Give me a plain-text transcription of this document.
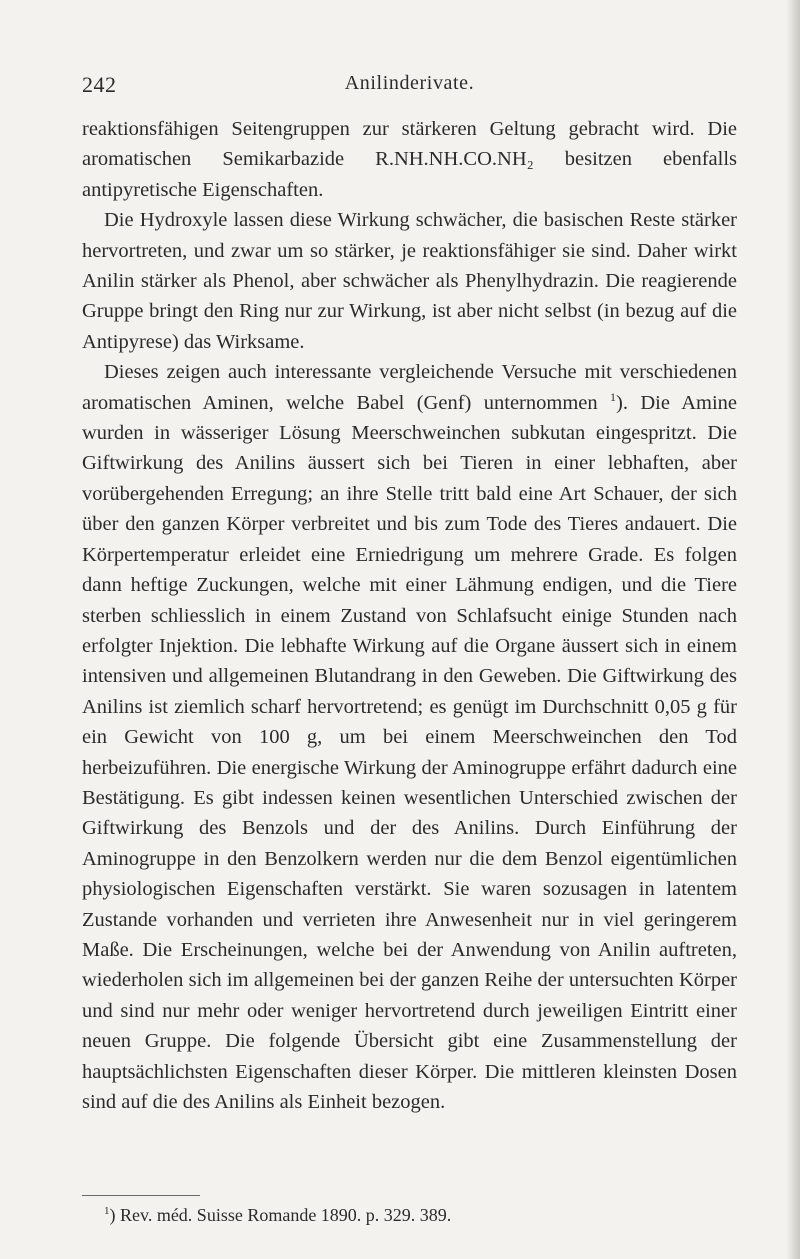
242	Anilinderivate.

reaktionsfähigen Seitengruppen zur stärkeren Geltung gebracht wird. Die aromatischen Semikarbazide R.NH.NH.CO.NH₂ besitzen ebenfalls antipyretische Eigenschaften.

Die Hydroxyle lassen diese Wirkung schwächer, die basischen Reste stärker hervortreten, und zwar um so stärker, je reaktionsfähiger sie sind. Daher wirkt Anilin stärker als Phenol, aber schwächer als Phenylhydrazin. Die reagierende Gruppe bringt den Ring nur zur Wirkung, ist aber nicht selbst (in bezug auf die Antipyrese) das Wirksame.

Dieses zeigen auch interessante vergleichende Versuche mit verschiedenen aromatischen Aminen, welche Babel (Genf) unternommen $^1$). Die Amine wurden in wässeriger Lösung Meerschweinchen subkutan eingespritzt. Die Giftwirkung des Anilins äussert sich bei Tieren in einer lebhaften, aber vorübergehenden Erregung; an ihre Stelle tritt bald eine Art Schauer, der sich über den ganzen Körper verbreitet und bis zum Tode des Tieres andauert. Die Körpertemperatur erleidet eine Erniedrigung um mehrere Grade. Es folgen dann heftige Zuckungen, welche mit einer Lähmung endigen, und die Tiere sterben schliesslich in einem Zustand von Schlafsucht einige Stunden nach erfolgter Injektion. Die lebhafte Wirkung auf die Organe äussert sich in einem intensiven und allgemeinen Blutandrang in den Geweben. Die Giftwirkung des Anilins ist ziemlich scharf hervortretend; es genügt im Durchschnitt 0,05 g für ein Gewicht von 100 g, um bei einem Meerschweinchen den Tod herbeizuführen. Die energische Wirkung der Aminogruppe erfährt dadurch eine Bestätigung. Es gibt indessen keinen wesentlichen Unterschied zwischen der Giftwirkung des Benzols und der des Anilins. Durch Einführung der Aminogruppe in den Benzolkern werden nur die dem Benzol eigentümlichen physiologischen Eigenschaften verstärkt. Sie waren sozusagen in latentem Zustande vorhanden und verrieten ihre Anwesenheit nur in viel geringerem Maße. Die Erscheinungen, welche bei der Anwendung von Anilin auftreten, wiederholen sich im allgemeinen bei der ganzen Reihe der untersuchten Körper und sind nur mehr oder weniger hervortretend durch jeweiligen Eintritt einer neuen Gruppe. Die folgende Übersicht gibt eine Zusammenstellung der hauptsächlichsten Eigenschaften dieser Körper. Die mittleren kleinsten Dosen sind auf die des Anilins als Einheit bezogen.

$^1$) Rev. méd. Suisse Romande 1890. p. 329. 389.
